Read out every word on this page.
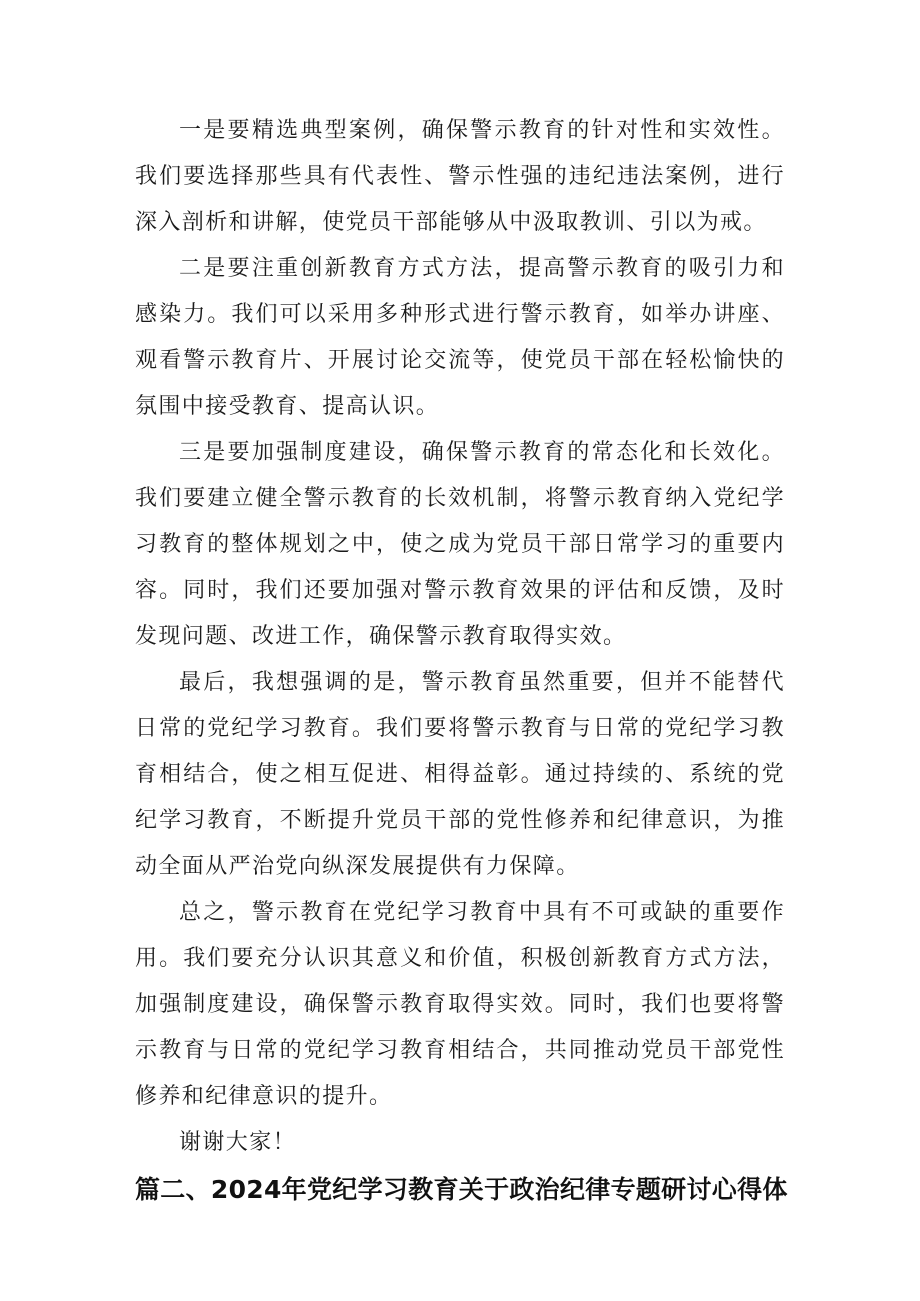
一是要精选典型案例，确保警示教育的针对性和实效性。我们要选择那些具有代表性、警示性强的违纪违法案例，进行深入剖析和讲解，使党员干部能够从中汲取教训、引以为戒。

二是要注重创新教育方式方法，提高警示教育的吸引力和感染力。我们可以采用多种形式进行警示教育，如举办讲座、观看警示教育片、开展讨论交流等，使党员干部在轻松愉快的氛围中接受教育、提高认识。

三是要加强制度建设，确保警示教育的常态化和长效化。我们要建立健全警示教育的长效机制，将警示教育纳入党纪学习教育的整体规划之中，使之成为党员干部日常学习的重要内容。同时，我们还要加强对警示教育效果的评估和反馈，及时发现问题、改进工作，确保警示教育取得实效。

最后，我想强调的是，警示教育虽然重要，但并不能替代日常的党纪学习教育。我们要将警示教育与日常的党纪学习教育相结合，使之相互促进、相得益彰。通过持续的、系统的党纪学习教育，不断提升党员干部的党性修养和纪律意识，为推动全面从严治党向纵深发展提供有力保障。

总之，警示教育在党纪学习教育中具有不可或缺的重要作用。我们要充分认识其意义和价值，积极创新教育方式方法，加强制度建设，确保警示教育取得实效。同时，我们也要将警示教育与日常的党纪学习教育相结合，共同推动党员干部党性修养和纪律意识的提升。

谢谢大家！

篇二、2024年党纪学习教育关于政治纪律专题研讨心得体
